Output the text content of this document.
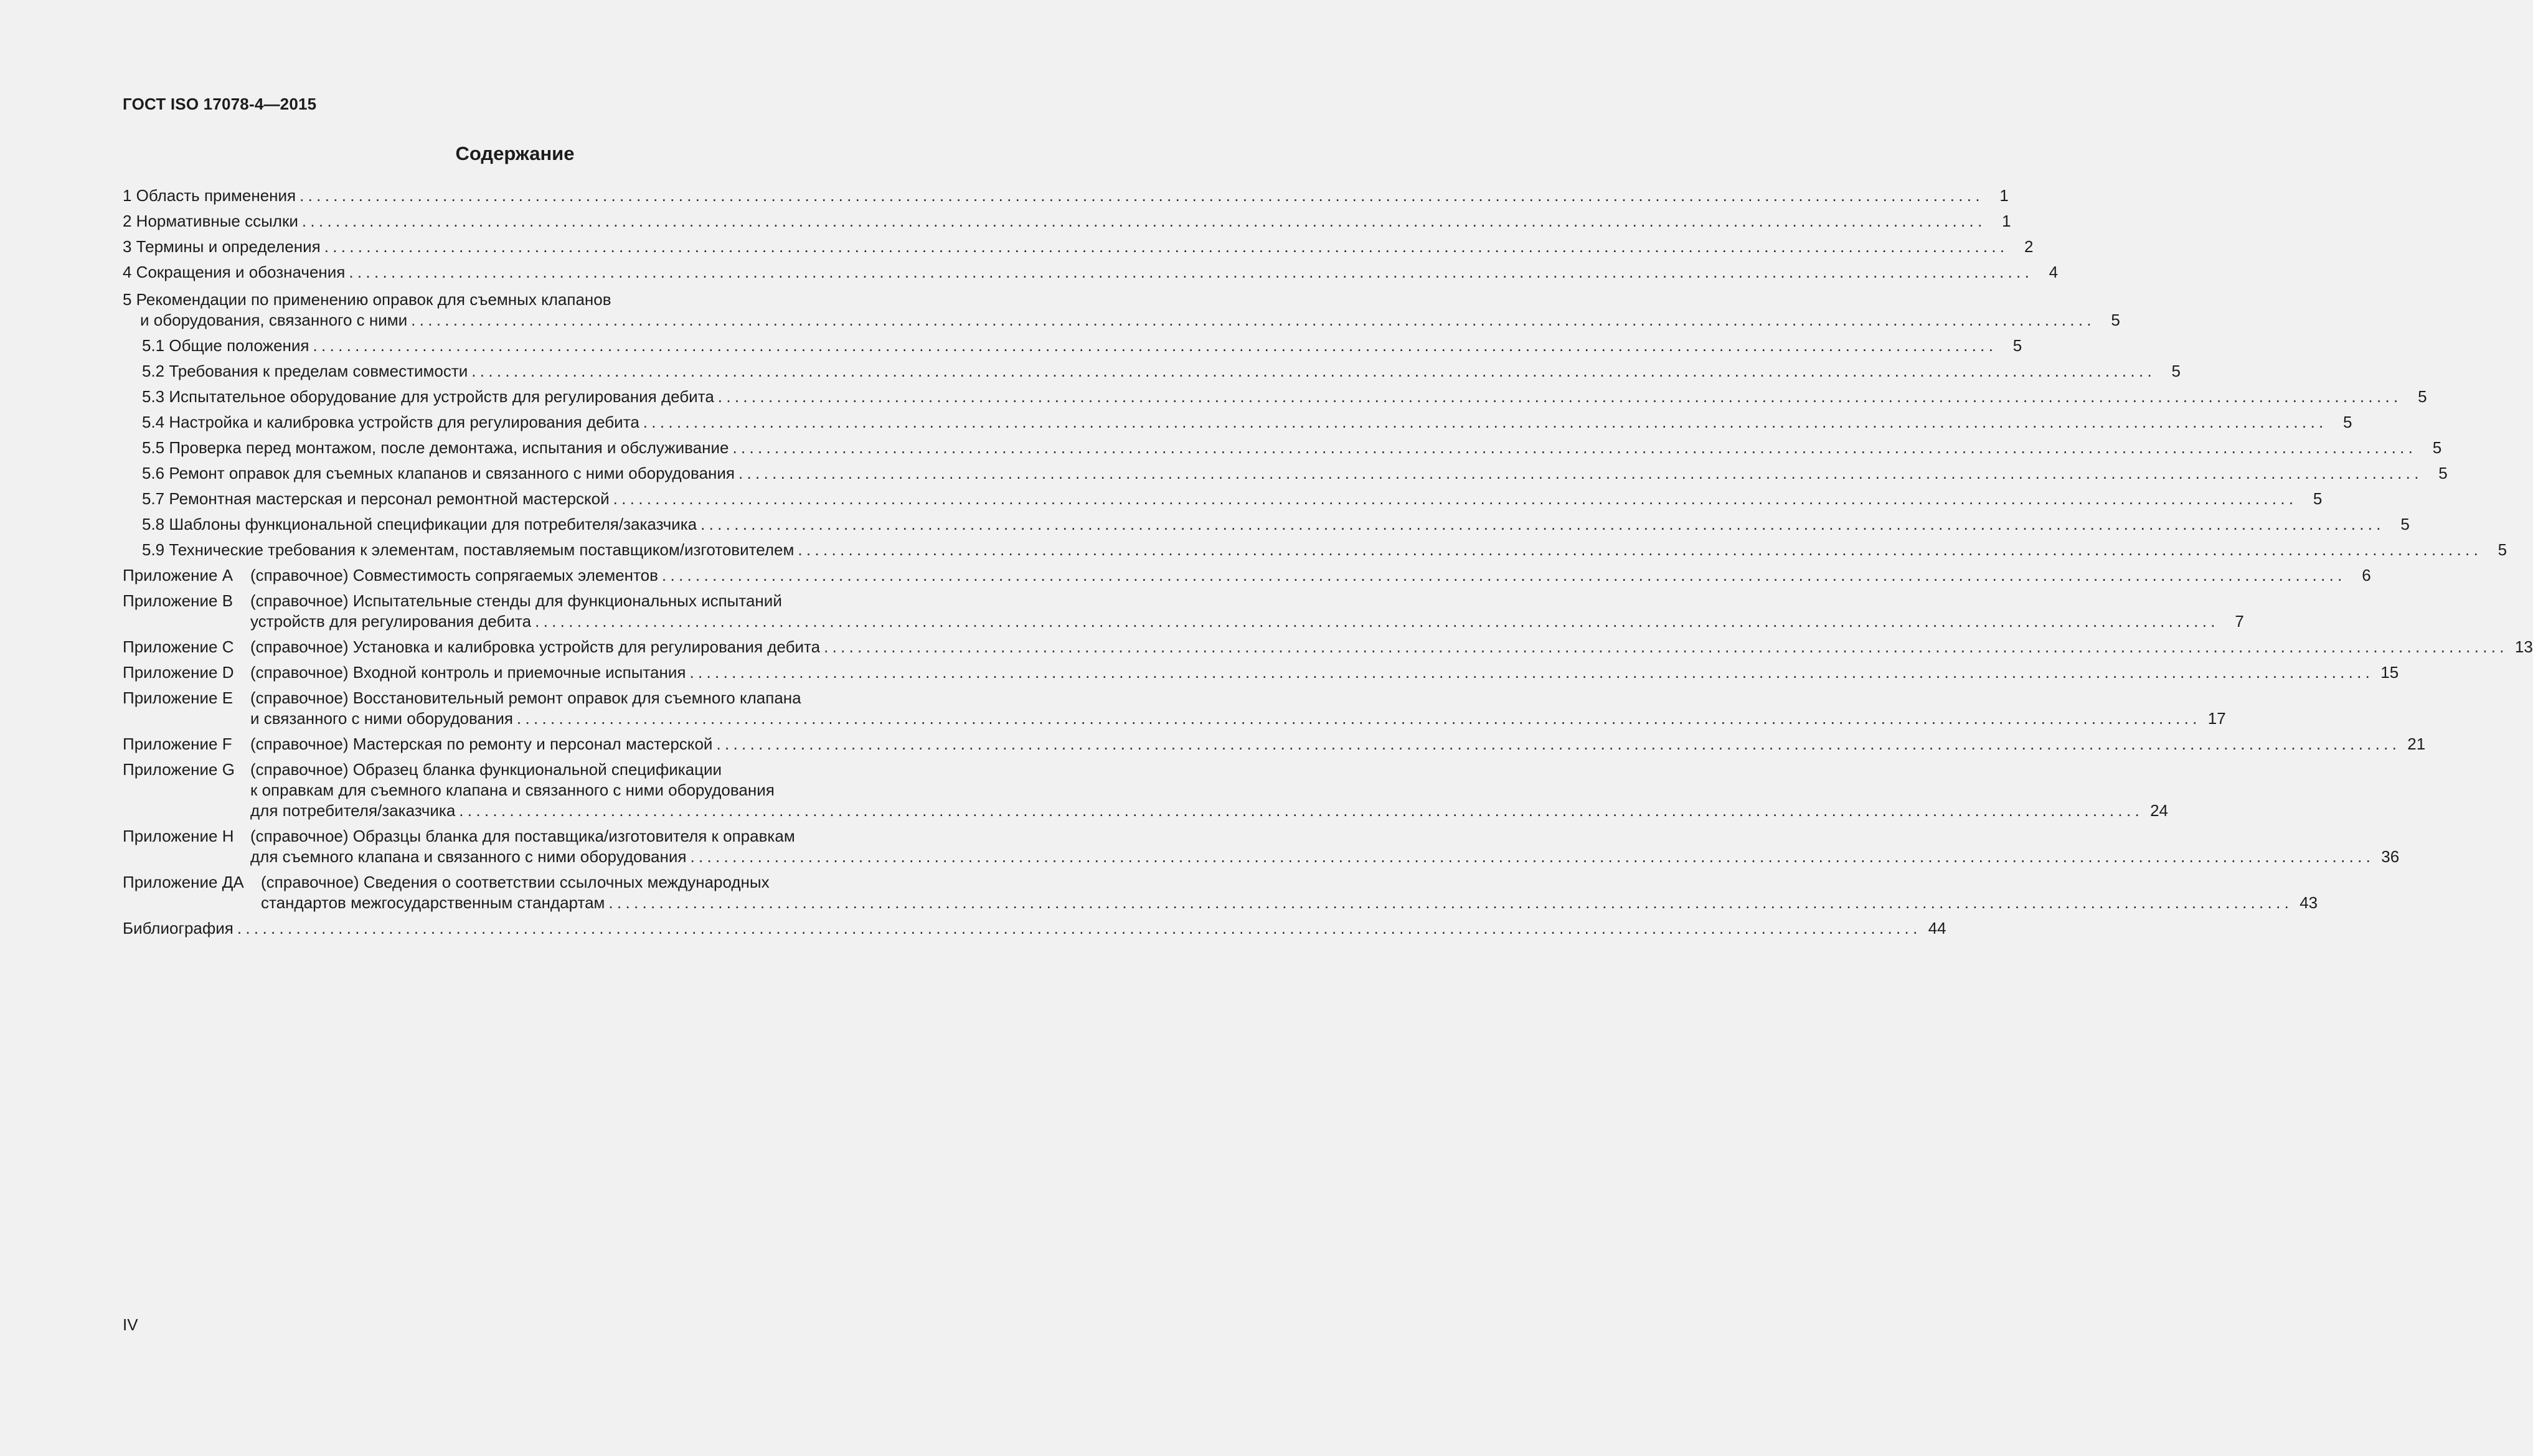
ГОСТ ISO 17078-4—2015
Содержание
1 Область применения ........................................................................................................................................................................................................ 1
2 Нормативные ссылки ........................................................................................................................................................................................................ 1
3 Термины и определения ........................................................................................................................................................................................................ 2
4 Сокращения и обозначения ........................................................................................................................................................................................................ 4
5 Рекомендации по применению оправок для съемных клапанов
и оборудования, связанного с ними ........................................................................................................................................................................................................ 5
5.1 Общие положения ........................................................................................................................................................................................................ 5
5.2 Требования к пределам совместимости ........................................................................................................................................................................................................ 5
5.3 Испытательное оборудование для устройств для регулирования дебита ........................................................................................................................................................................................................ 5
5.4 Настройка и калибровка устройств для регулирования дебита ........................................................................................................................................................................................................ 5
5.5 Проверка перед монтажом, после демонтажа, испытания и обслуживание ........................................................................................................................................................................................................ 5
5.6 Ремонт оправок для съемных клапанов и связанного с ними оборудования ........................................................................................................................................................................................................ 5
5.7 Ремонтная мастерская и персонал ремонтной мастерской ........................................................................................................................................................................................................ 5
5.8 Шаблоны функциональной спецификации для потребителя/заказчика ........................................................................................................................................................................................................ 5
5.9 Технические требования к элементам, поставляемым поставщиком/изготовителем ........................................................................................................................................................................................................ 5
Приложение А (справочное) Совместимость сопрягаемых элементов ........................................................................................................................................................................................................ 6
Приложение В (справочное) Испытательные стенды для функциональных испытаний
устройств для регулирования дебита ........................................................................................................................................................................................................ 7
Приложение С (справочное) Установка и калибровка устройств для регулирования дебита ........................................................................................................................................................................................................ 13
Приложение D (справочное) Входной контроль и приемочные испытания ........................................................................................................................................................................................................ 15
Приложение Е (справочное) Восстановительный ремонт оправок для съемного клапана
и связанного с ними оборудования ........................................................................................................................................................................................................ 17
Приложение F (справочное) Мастерская по ремонту и персонал мастерской ........................................................................................................................................................................................................ 21
Приложение G (справочное) Образец бланка функциональной спецификации
к оправкам для съемного клапана и связанного с ними оборудования
для потребителя/заказчика ........................................................................................................................................................................................................ 24
Приложение Н (справочное) Образцы бланка для поставщика/изготовителя к оправкам
для съемного клапана и связанного с ними оборудования ........................................................................................................................................................................................................ 36
Приложение ДА (справочное) Сведения о соответствии ссылочных международных
стандартов межгосударственным стандартам ........................................................................................................................................................................................................ 43
Библиография ........................................................................................................................................................................................................ 44
IV
